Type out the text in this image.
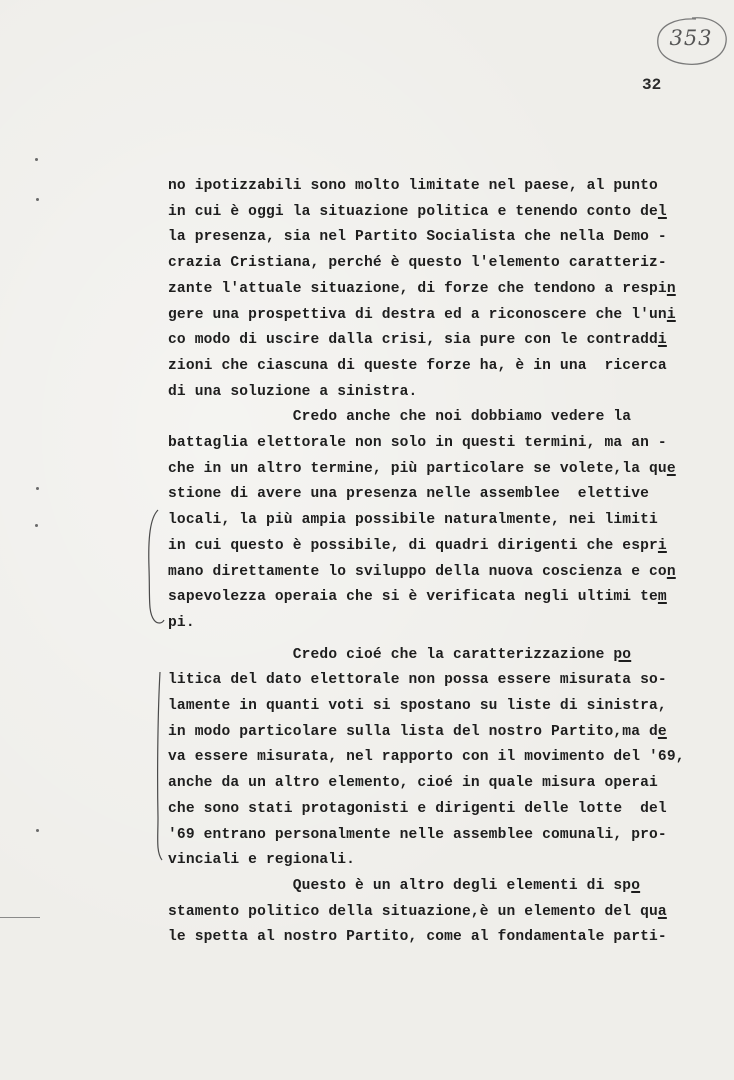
353
32
no ipotizzabili sono molto limitate nel paese, al punto
in cui è oggi la situazione politica e tenendo conto del
la presenza, sia nel Partito Socialista che nella Demo -
crazia Cristiana, perché è questo l'elemento caratteriz-
zante l'attuale situazione, di forze che tendono a respin
gere una prospettiva di destra ed a riconoscere che l'uni
co modo di uscire dalla crisi, sia pure con le contraddi
zioni che ciascuna di queste forze ha, è in una  ricerca
di una soluzione a sinistra.
Credo anche che noi dobbiamo vedere la
battaglia elettorale non solo in questi termini, ma an -
che in un altro termine, più particolare se volete,la que
stione di avere una presenza nelle assemblee  elettive
locali, la più ampia possibile naturalmente, nei limiti
in cui questo è possibile, di quadri dirigenti che espri
mano direttamente lo sviluppo della nuova coscienza e con
sapevolezza operaia che si è verificata negli ultimi tem
pi.
Credo cioé che la caratterizzazione po
litica del dato elettorale non possa essere misurata so-
lamente in quanti voti si spostano su liste di sinistra,
in modo particolare sulla lista del nostro Partito,ma de
va essere misurata, nel rapporto con il movimento del '69,
anche da un altro elemento, cioé in quale misura operai
che sono stati protagonisti e dirigenti delle lotte  del
'69 entrano personalmente nelle assemblee comunali, pro-
vinciali e regionali.
Questo è un altro degli elementi di spo
stamento politico della situazione,è un elemento del qua
le spetta al nostro Partito, come al fondamentale parti-
